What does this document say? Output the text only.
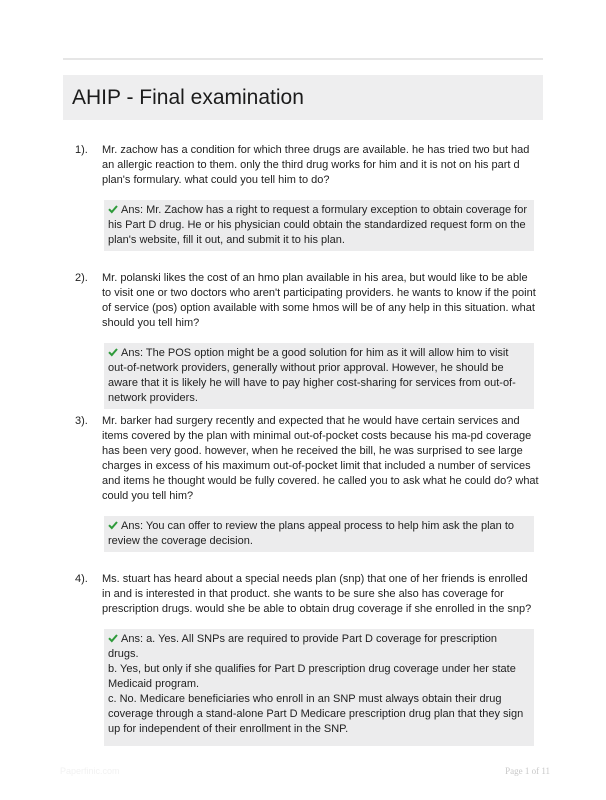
AHIP - Final examination
1). Mr. zachow has a condition for which three drugs are available. he has tried two but had an allergic reaction to them. only the third drug works for him and it is not on his part d plan's formulary. what could you tell him to do?
Ans: Mr. Zachow has a right to request a formulary exception to obtain coverage for his Part D drug. He or his physician could obtain the standardized request form on the plan's website, fill it out, and submit it to his plan.
2). Mr. polanski likes the cost of an hmo plan available in his area, but would like to be able to visit one or two doctors who aren't participating providers. he wants to know if the point of service (pos) option available with some hmos will be of any help in this situation. what should you tell him?
Ans: The POS option might be a good solution for him as it will allow him to visit out-of-network providers, generally without prior approval. However, he should be aware that it is likely he will have to pay higher cost-sharing for services from out-of-network providers.
3). Mr. barker had surgery recently and expected that he would have certain services and items covered by the plan with minimal out-of-pocket costs because his ma-pd coverage has been very good. however, when he received the bill, he was surprised to see large charges in excess of his maximum out-of-pocket limit that included a number of services and items he thought would be fully covered. he called you to ask what he could do? what could you tell him?
Ans: You can offer to review the plans appeal process to help him ask the plan to review the coverage decision.
4). Ms. stuart has heard about a special needs plan (snp) that one of her friends is enrolled in and is interested in that product. she wants to be sure she also has coverage for prescription drugs. would she be able to obtain drug coverage if she enrolled in the snp?
Ans: a. Yes. All SNPs are required to provide Part D coverage for prescription drugs.
b. Yes, but only if she qualifies for Part D prescription drug coverage under her state Medicaid program.
c. No. Medicare beneficiaries who enroll in an SNP must always obtain their drug coverage through a stand-alone Part D Medicare prescription drug plan that they sign up for independent of their enrollment in the SNP.
Paperfinic.com	Page 1 of 11
